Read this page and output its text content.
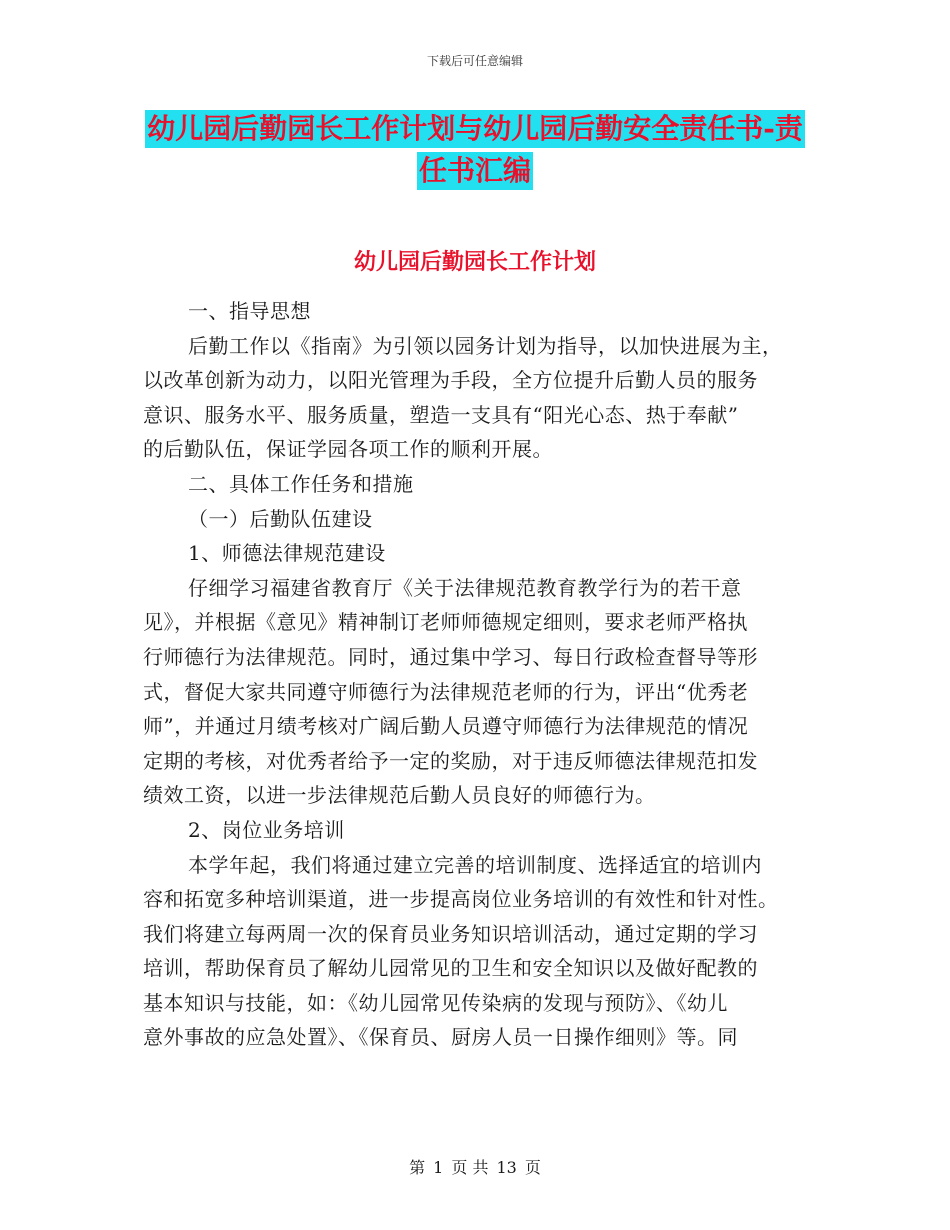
下载后可任意编辑
幼儿园后勤园长工作计划与幼儿园后勤安全责任书-责
任书汇编
幼儿园后勤园长工作计划

一、指导思想

后勤工作以《指南》为引领以园务计划为指导，以加快进展为主，

以改革创新为动力，以阳光管理为手段，全方位提升后勤人员的服务

意识、服务水平、服务质量，塑造一支具有“阳光心态、热于奉献”

的后勤队伍，保证学园各项工作的顺利开展。

二、具体工作任务和措施

（一）后勤队伍建设

1、师德法律规范建设

仔细学习福建省教育厅《关于法律规范教育教学行为的若干意

见》，并根据《意见》精神制订老师师德规定细则，要求老师严格执

行师德行为法律规范。同时，通过集中学习、每日行政检查督导等形

式，督促大家共同遵守师德行为法律规范老师的行为，评出“优秀老

师”，并通过月绩考核对广阔后勤人员遵守师德行为法律规范的情况

定期的考核，对优秀者给予一定的奖励，对于违反师德法律规范扣发

绩效工资，以进一步法律规范后勤人员良好的师德行为。

2、岗位业务培训

本学年起，我们将通过建立完善的培训制度、选择适宜的培训内

容和拓宽多种培训渠道，进一步提高岗位业务培训的有效性和针对性。

我们将建立每两周一次的保育员业务知识培训活动，通过定期的学习

培训，帮助保育员了解幼儿园常见的卫生和安全知识以及做好配教的

基本知识与技能，如：《幼儿园常见传染病的发现与预防》、《幼儿

意外事故的应急处置》、《保育员、厨房人员一日操作细则》等。同

第 1 页 共 13 页
